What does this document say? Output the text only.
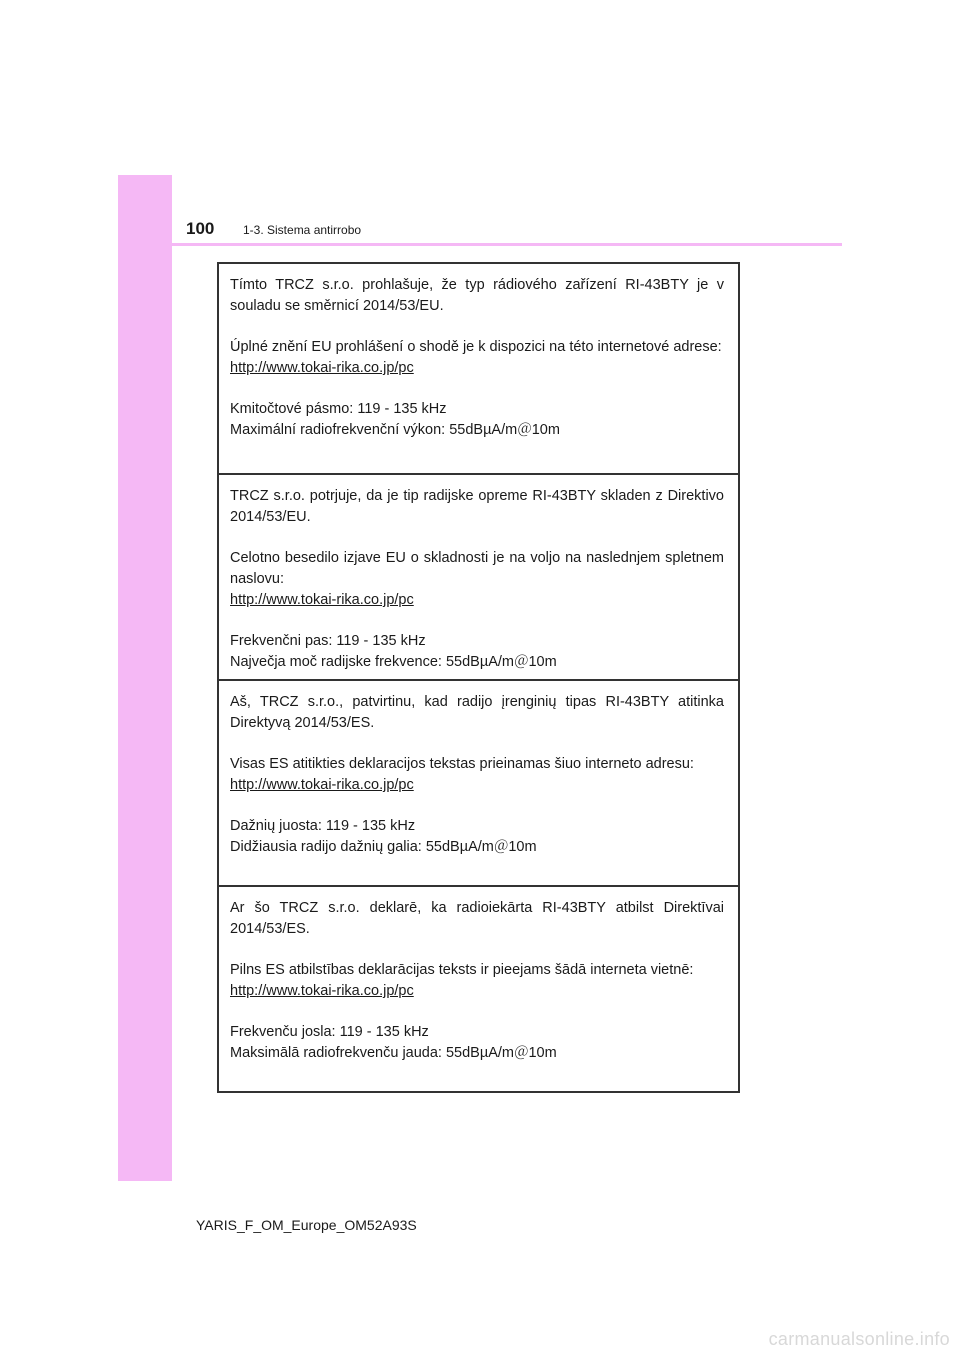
100 1-3. Sistema antirrobo

Tímto TRCZ s.r.o. prohlašuje, že typ rádiového zařízení RI-43BTY je v souladu se směrnicí 2014/53/EU.

Úplné znění EU prohlášení o shodě je k dispozici na této internetové adrese:

http://www.tokai-rika.co.jp/pc

Kmitočtové pásmo: 119 - 135 kHz

Maximální radiofrekvenční výkon: 55dBµA/m＠10m

TRCZ s.r.o. potrjuje, da je tip radijske opreme RI-43BTY skladen z Direktivo 2014/53/EU.

Celotno besedilo izjave EU o skladnosti je na voljo na naslednjem spletnem naslovu:

http://www.tokai-rika.co.jp/pc

Frekvenčni pas: 119 - 135 kHz

Največja moč radijske frekvence: 55dBµA/m＠10m

Aš, TRCZ s.r.o., patvirtinu, kad radijo įrenginių tipas RI-43BTY atitinka Direktyvą 2014/53/ES.

Visas ES atitikties deklaracijos tekstas prieinamas šiuo interneto adresu:

http://www.tokai-rika.co.jp/pc

Dažnių juosta: 119 - 135 kHz

Didžiausia radijo dažnių galia: 55dBµA/m＠10m

Ar šo TRCZ s.r.o. deklarē, ka radioiekārta RI-43BTY atbilst Direktīvai 2014/53/ES.

Pilns ES atbilstības deklarācijas teksts ir pieejams šādā interneta vietnē:

http://www.tokai-rika.co.jp/pc

Frekvenču josla: 119 - 135 kHz

Maksimālā radiofrekvenču jauda: 55dBµA/m＠10m

YARIS_F_OM_Europe_OM52A93S
carmanualsonline.info
